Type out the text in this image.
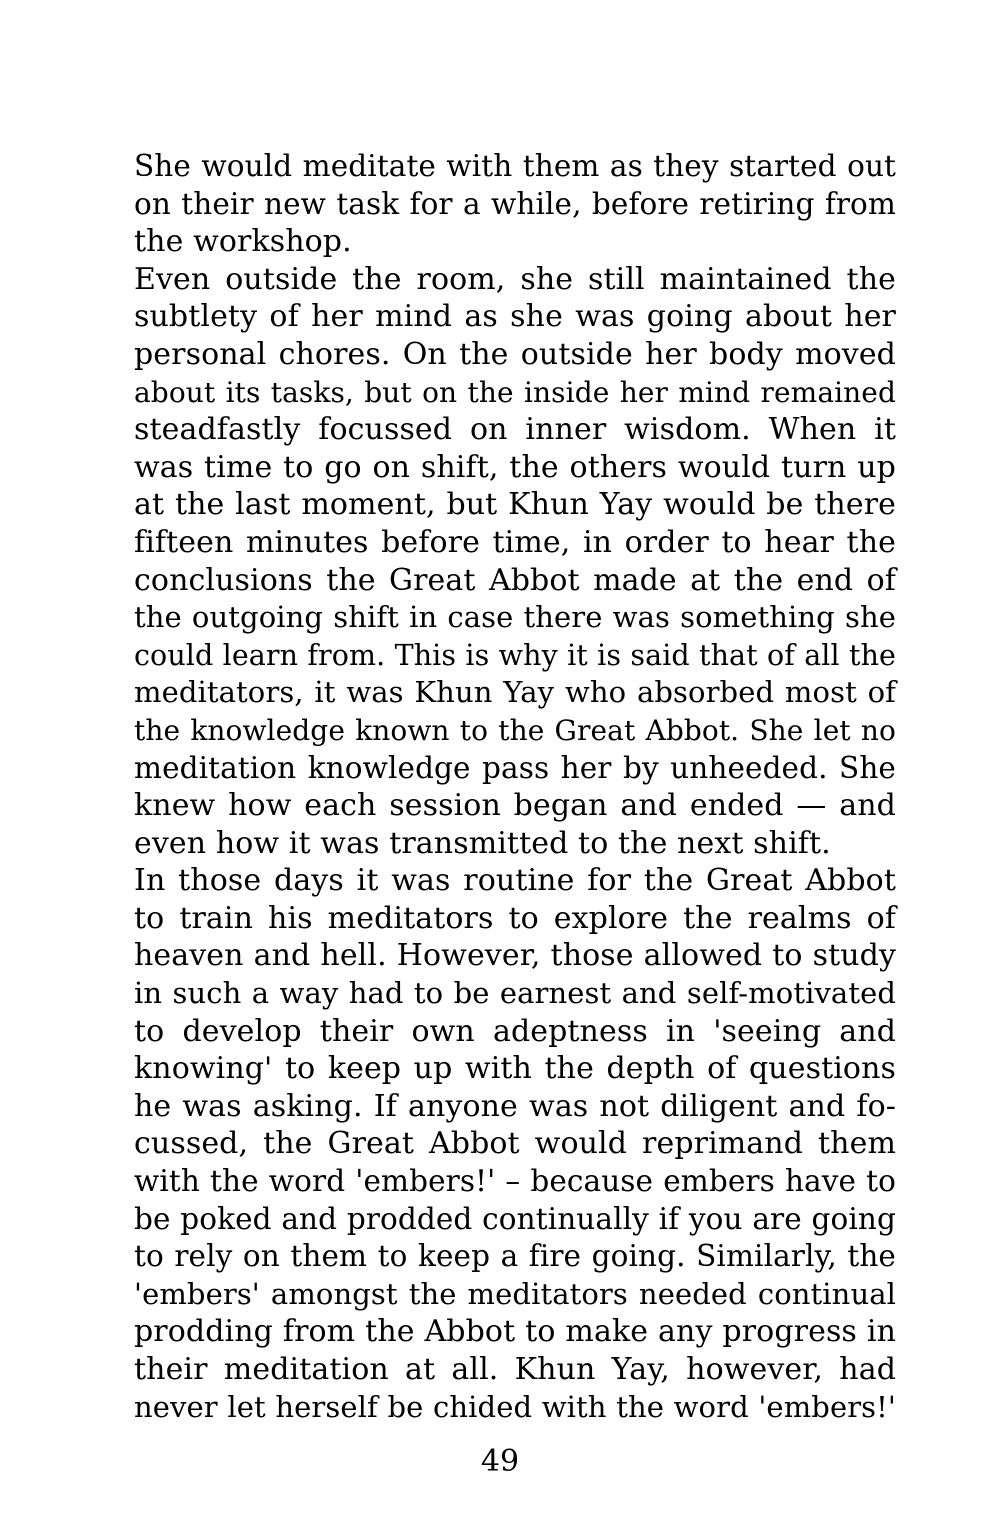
She would meditate with them as they started out
on their new task for a while, before retiring from
the workshop.
Even outside the room, she still maintained the
subtlety of her mind as she was going about her
personal chores. On the outside her body moved
about its tasks, but on the inside her mind remained
steadfastly focussed on inner wisdom. When it
was time to go on shift, the others would turn up
at the last moment, but Khun Yay would be there
fifteen minutes before time, in order to hear the
conclusions the Great Abbot made at the end of
the outgoing shift in case there was something she
could learn from. This is why it is said that of all the
meditators, it was Khun Yay who absorbed most of
the knowledge known to the Great Abbot. She let no
meditation knowledge pass her by unheeded. She
knew how each session began and ended — and
even how it was transmitted to the next shift.
In those days it was routine for the Great Abbot
to train his meditators to explore the realms of
heaven and hell. However, those allowed to study
in such a way had to be earnest and self-motivated
to develop their own adeptness in 'seeing and
knowing' to keep up with the depth of questions
he was asking. If anyone was not diligent and fo-
cussed, the Great Abbot would reprimand them
with the word 'embers!' – because embers have to
be poked and prodded continually if you are going
to rely on them to keep a fire going. Similarly, the
'embers' amongst the meditators needed continual
prodding from the Abbot to make any progress in
their meditation at all. Khun Yay, however, had
never let herself be chided with the word 'embers!'
49
